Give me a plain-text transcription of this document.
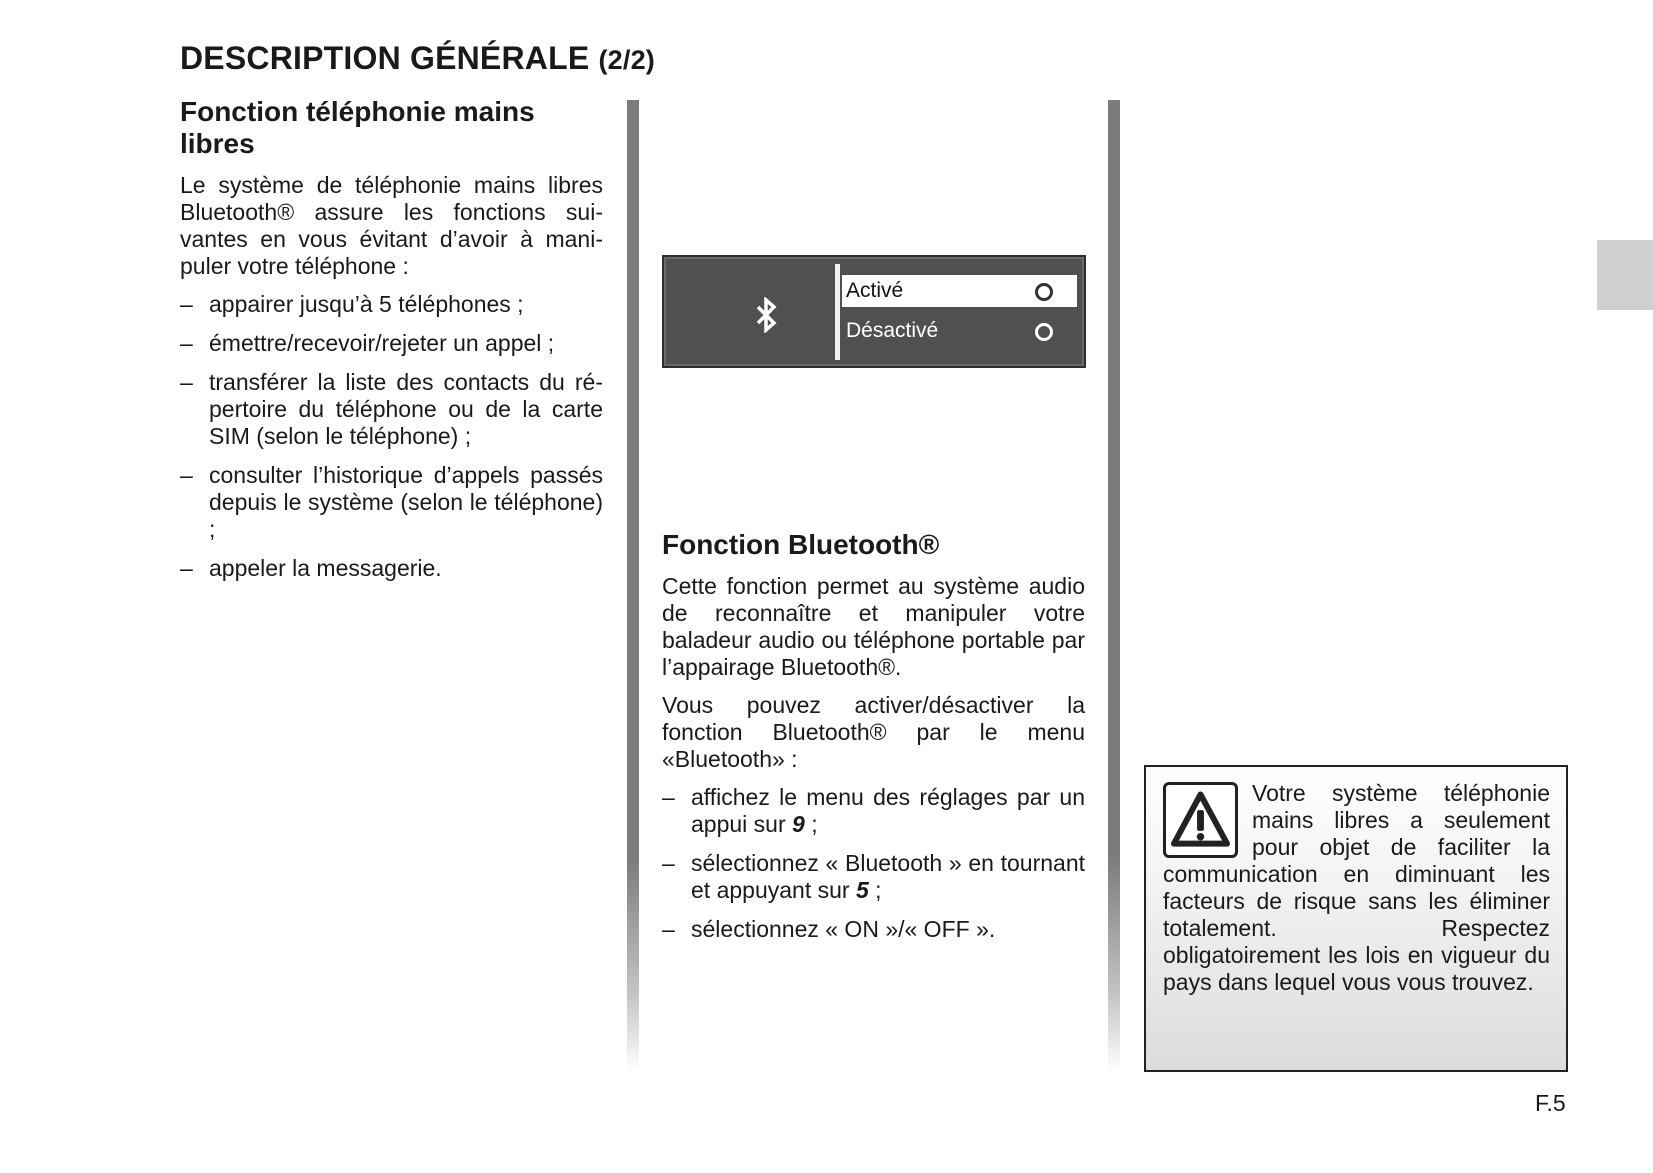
DESCRIPTION GÉNÉRALE (2/2)
Fonction téléphonie mains libres

Le système de téléphonie mains libres Bluetooth® assure les fonctions suivantes en vous évitant d’avoir à manipuler votre téléphone :

– appairer jusqu’à 5 téléphones ;
– émettre/recevoir/rejeter un appel ;
– transférer la liste des contacts du répertoire du téléphone ou de la carte SIM (selon le téléphone) ;
– consulter l’historique d’appels passés depuis le système (selon le téléphone) ;
– appeler la messagerie.
Activé
Désactivé
Fonction Bluetooth®

Cette fonction permet au système audio de reconnaître et manipuler votre baladeur audio ou téléphone portable par l’appairage Bluetooth®.

Vous pouvez activer/désactiver la fonction Bluetooth® par le menu «Bluetooth» :

– affichez le menu des réglages par un appui sur 9 ;
– sélectionnez « Bluetooth » en tournant et appuyant sur 5 ;
– sélectionnez « ON »/« OFF ».

Votre système téléphonie mains libres a seulement pour objet de faciliter la communication en diminuant les facteurs de risque sans les éliminer totalement. Respectez obligatoirement les lois en vigueur du pays dans lequel vous vous trouvez.

F.5
